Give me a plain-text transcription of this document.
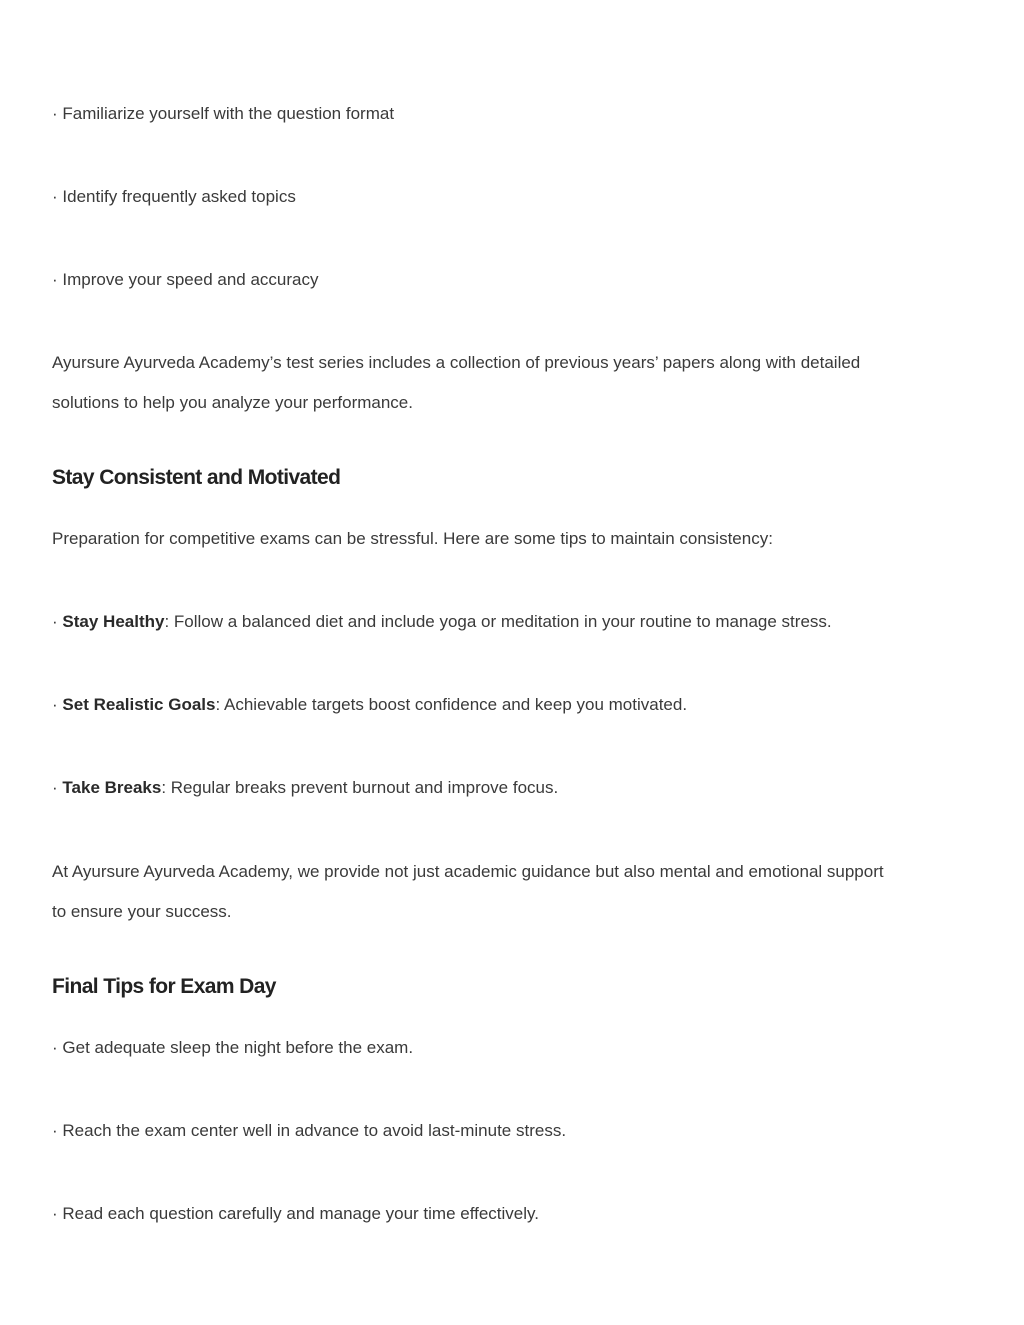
· Familiarize yourself with the question format
· Identify frequently asked topics
· Improve your speed and accuracy
Ayursure Ayurveda Academy’s test series includes a collection of previous years’ papers along with detailed
solutions to help you analyze your performance.
Stay Consistent and Motivated
Preparation for competitive exams can be stressful. Here are some tips to maintain consistency:
· Stay Healthy: Follow a balanced diet and include yoga or meditation in your routine to manage stress.
· Set Realistic Goals: Achievable targets boost confidence and keep you motivated.
· Take Breaks: Regular breaks prevent burnout and improve focus.
At Ayursure Ayurveda Academy, we provide not just academic guidance but also mental and emotional support
to ensure your success.
Final Tips for Exam Day
· Get adequate sleep the night before the exam.
· Reach the exam center well in advance to avoid last-minute stress.
· Read each question carefully and manage your time effectively.
